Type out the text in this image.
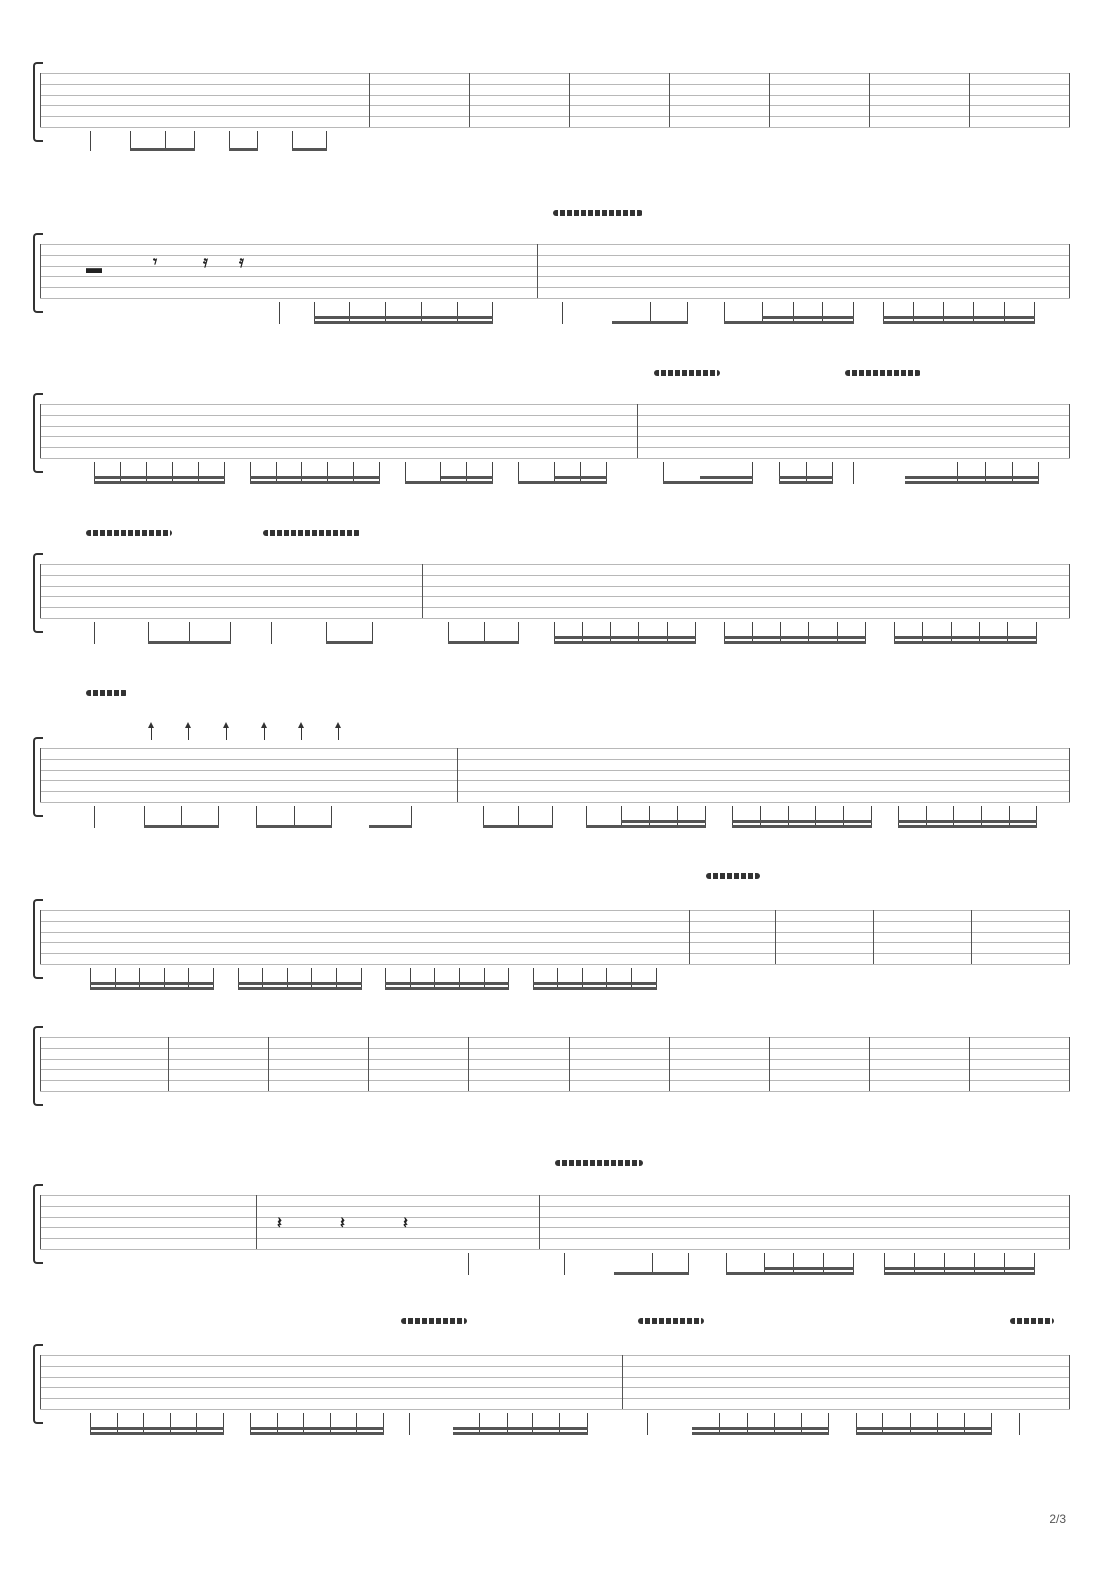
▬	𝄾	𝄿 𝄿
𝄽	𝄽	𝄽
2/3
